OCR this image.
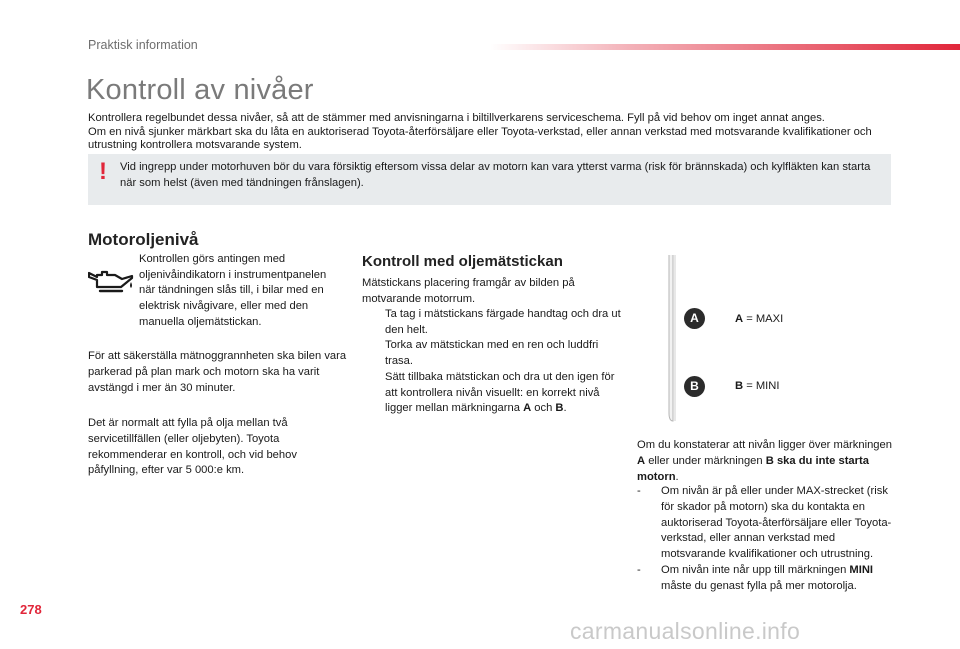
Praktisk information
Kontroll av nivåer
Kontrollera regelbundet dessa nivåer, så att de stämmer med anvisningarna i biltillverkarens serviceschema. Fyll på vid behov om inget annat anges.
Om en nivå sjunker märkbart ska du låta en auktoriserad Toyota-återförsäljare eller Toyota-verkstad, eller annan verkstad med motsvarande kvalifikationer och utrustning kontrollera motsvarande system.
! Vid ingrepp under motorhuven bör du vara försiktig eftersom vissa delar av motorn kan vara ytterst varma (risk för brännskada) och kylfläkten kan starta när som helst (även med tändningen frånslagen).
Motoroljenivå
Kontrollen görs antingen med oljenivåindikatorn i instrumentpanelen när tändningen slås till, i bilar med en elektrisk nivågivare, eller med den manuella oljemätstickan.
För att säkerställa mätnoggrannheten ska bilen vara parkerad på plan mark och motorn ska ha varit avstängd i mer än 30 minuter.
Det är normalt att fylla på olja mellan två servicetillfällen (eller oljebyten). Toyota rekommenderar en kontroll, och vid behov påfyllning, efter var 5 000:e km.
Kontroll med oljemätstickan
Mätstickans placering framgår av bilden på motvarande motorrum.
Ta tag i mätstickans färgade handtag och dra ut den helt.
Torka av mätstickan med en ren och luddfri trasa.
Sätt tillbaka mätstickan och dra ut den igen för att kontrollera nivån visuellt: en korrekt nivå ligger mellan märkningarna A och B.
A
B
A = MAXI
B = MINI
Om du konstaterar att nivån ligger över märkningen A eller under märkningen B ska du inte starta motorn.
- Om nivån är på eller under MAX-strecket (risk för skador på motorn) ska du kontakta en auktoriserad Toyota-återförsäljare eller Toyota-verkstad, eller annan verkstad med motsvarande kvalifikationer och utrustning.
- Om nivån inte når upp till märkningen MINI måste du genast fylla på mer motorolja.
278
carmanualsonline.info
